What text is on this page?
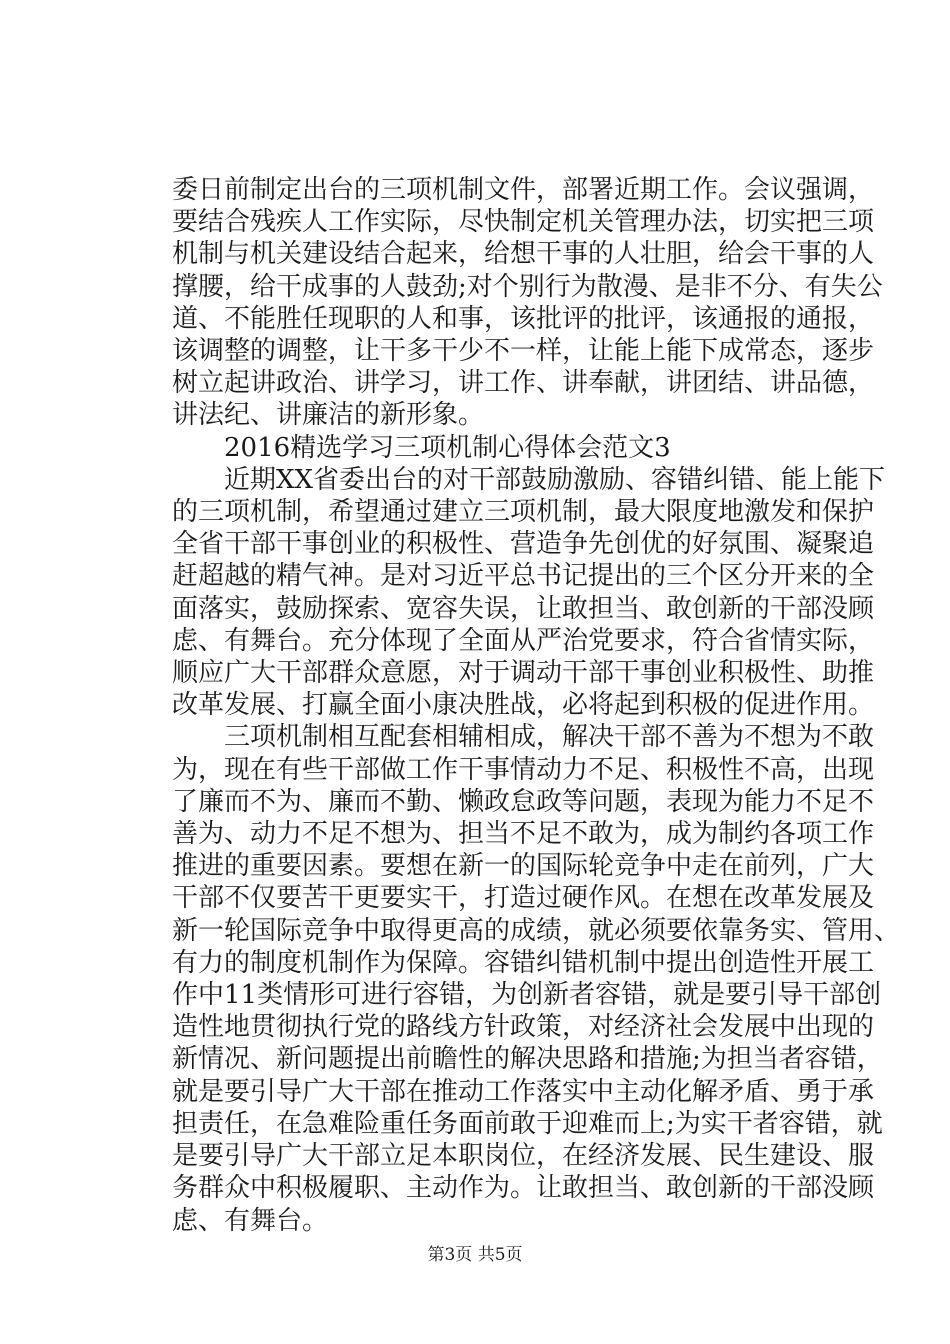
委日前制定出台的三项机制文件，部署近期工作。会议强调，
要结合残疾人工作实际，尽快制定机关管理办法，切实把三项
机制与机关建设结合起来，给想干事的人壮胆，给会干事的人
撑腰，给干成事的人鼓劲;对个别行为散漫、是非不分、有失公
道、不能胜任现职的人和事，该批评的批评，该通报的通报，
该调整的调整，让干多干少不一样，让能上能下成常态，逐步
树立起讲政治、讲学习，讲工作、讲奉献，讲团结、讲品德，
讲法纪、讲廉洁的新形象。

　　2016精选学习三项机制心得体会范文3

　　近期XX省委出台的对干部鼓励激励、容错纠错、能上能下
的三项机制，希望通过建立三项机制，最大限度地激发和保护
全省干部干事创业的积极性、营造争先创优的好氛围、凝聚追
赶超越的精气神。是对习近平总书记提出的三个区分开来的全
面落实，鼓励探索、宽容失误，让敢担当、敢创新的干部没顾
虑、有舞台。充分体现了全面从严治党要求，符合省情实际，
顺应广大干部群众意愿，对于调动干部干事创业积极性、助推
改革发展、打赢全面小康决胜战，必将起到积极的促进作用。

　　三项机制相互配套相辅相成，解决干部不善为不想为不敢
为，现在有些干部做工作干事情动力不足、积极性不高，出现
了廉而不为、廉而不勤、懒政怠政等问题，表现为能力不足不
善为、动力不足不想为、担当不足不敢为，成为制约各项工作
推进的重要因素。要想在新一的国际轮竞争中走在前列，广大
干部不仅要苦干更要实干，打造过硬作风。在想在改革发展及
新一轮国际竞争中取得更高的成绩，就必须要依靠务实、管用、
有力的制度机制作为保障。容错纠错机制中提出创造性开展工
作中11类情形可进行容错，为创新者容错，就是要引导干部创
造性地贯彻执行党的路线方针政策，对经济社会发展中出现的
新情况、新问题提出前瞻性的解决思路和措施;为担当者容错，
就是要引导广大干部在推动工作落实中主动化解矛盾、勇于承
担责任，在急难险重任务面前敢于迎难而上;为实干者容错，就
是要引导广大干部立足本职岗位，在经济发展、民生建设、服
务群众中积极履职、主动作为。让敢担当、敢创新的干部没顾
虑、有舞台。

第3页 共5页
